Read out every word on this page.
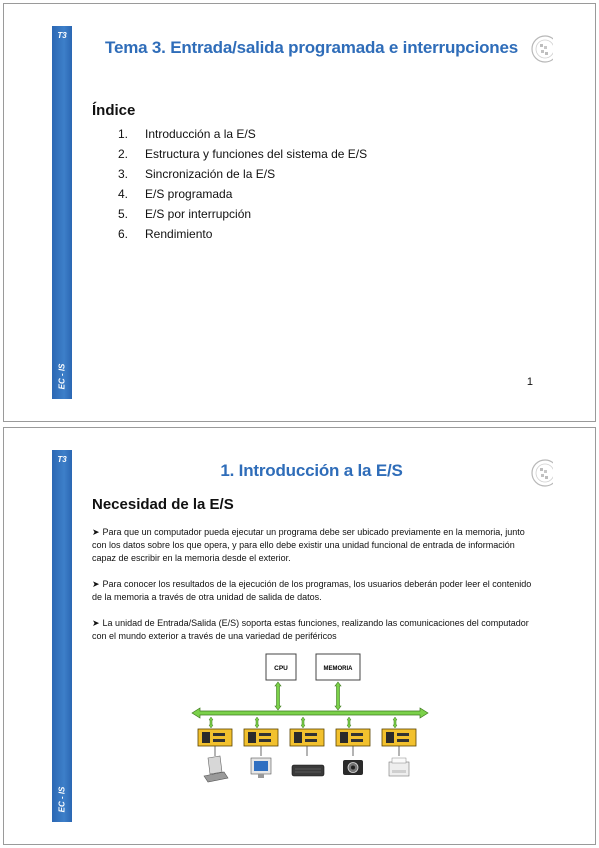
T3
EC - IS
Tema 3. Entrada/salida programada e interrupciones
Índice
1. Introducción a la E/S
2. Estructura y funciones del sistema de E/S
3. Sincronización de la E/S
4. E/S programada
5. E/S por interrupción
6. Rendimiento
1
T3
EC - IS
1. Introducción a la E/S
Necesidad de la E/S
➤ Para que un computador pueda ejecutar un programa debe ser ubicado previamente en la memoria, junto con los datos sobre los que opera, y para ello debe existir una unidad funcional de entrada de información capaz de escribir en la memoria desde el exterior.
➤ Para conocer los resultados de la ejecución de los programas, los usuarios deberán poder leer el contenido de la memoria a través de otra unidad de salida de datos.
➤ La unidad de Entrada/Salida (E/S) soporta estas funciones, realizando las comunicaciones del computador con el mundo exterior a través de una variedad de periféricos
CPU	MEMORIA
